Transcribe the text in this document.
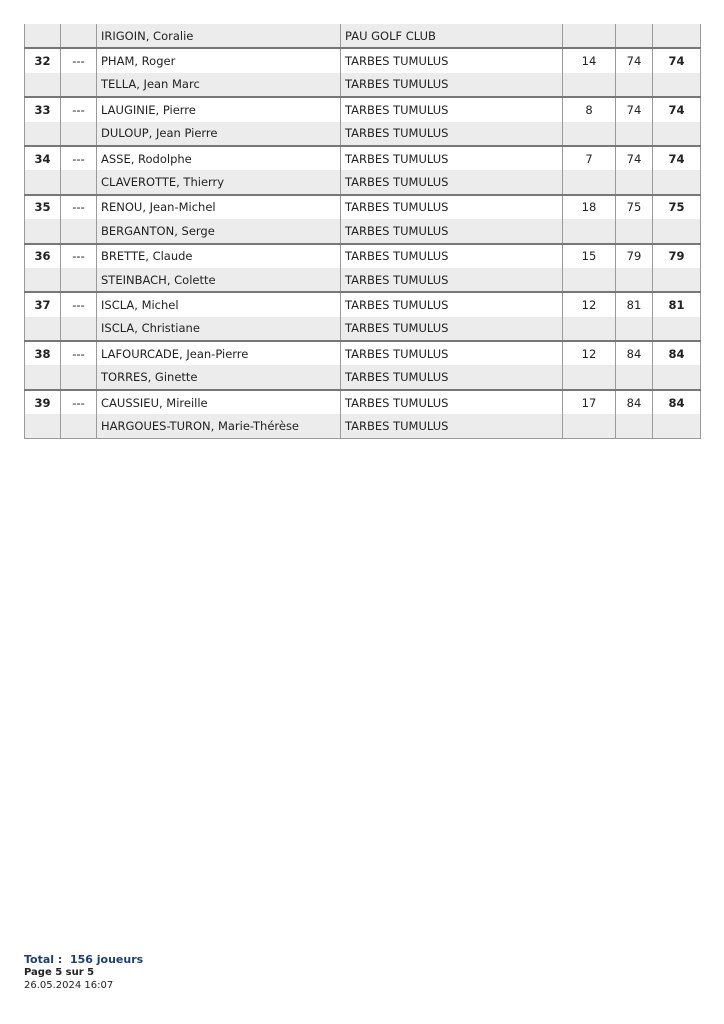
		IRIGOIN, Coralie	PAU GOLF CLUB			
32	---	PHAM, Roger	TARBES TUMULUS	14	74	74
		TELLA, Jean Marc	TARBES TUMULUS			
33	---	LAUGINIE, Pierre	TARBES TUMULUS	8	74	74
		DULOUP, Jean Pierre	TARBES TUMULUS			
34	---	ASSE, Rodolphe	TARBES TUMULUS	7	74	74
		CLAVEROTTE, Thierry	TARBES TUMULUS			
35	---	RENOU, Jean-Michel	TARBES TUMULUS	18	75	75
		BERGANTON, Serge	TARBES TUMULUS			
36	---	BRETTE, Claude	TARBES TUMULUS	15	79	79
		STEINBACH, Colette	TARBES TUMULUS			
37	---	ISCLA, Michel	TARBES TUMULUS	12	81	81
		ISCLA, Christiane	TARBES TUMULUS			
38	---	LAFOURCADE, Jean-Pierre	TARBES TUMULUS	12	84	84
		TORRES, Ginette	TARBES TUMULUS			
39	---	CAUSSIEU, Mireille	TARBES TUMULUS	17	84	84
		HARGOUES-TURON, Marie-Thérèse	TARBES TUMULUS			
Total : 156 joueurs
Page 5 sur 5
26.05.2024 16:07
